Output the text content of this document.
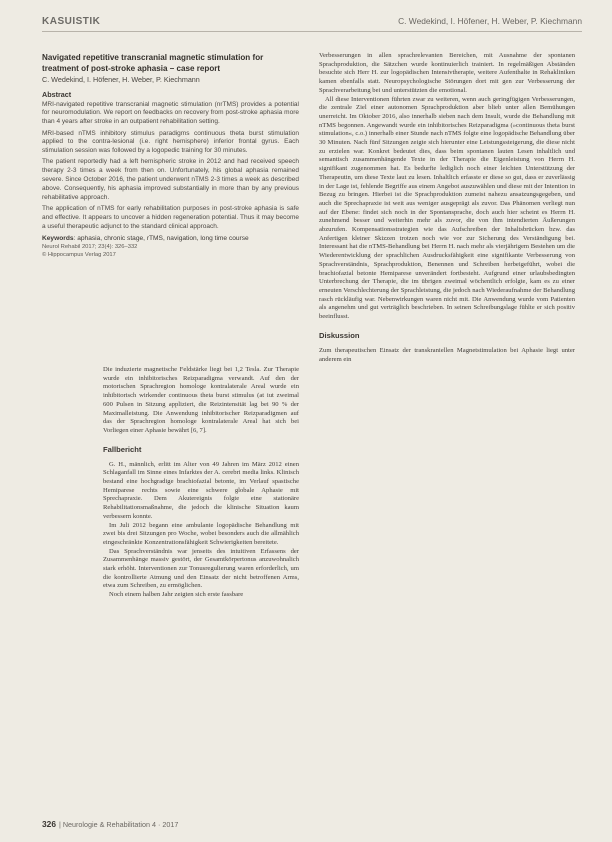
KASUISTIK	C. Wedekind, I. Höfener, H. Weber, P. Kiechmann

Navigated repetitive transcranial magnetic stimulation for treatment of post-stroke aphasia – case report

C. Wedekind, I. Höfener, H. Weber, P. Kiechmann

Abstract

MRI-navigated repetitive transcranial magnetic stimulation (nrTMS) provides a potential for neuromodulation. We report on feedbacks on recovery from post-stroke aphasia more than 4 years after stroke in an outpatient rehabilitation setting.

MRI-based nTMS inhibitory stimulus paradigms continuous theta burst stimulation applied to the contra-lesional (i.e. right hemisphere) inferior frontal gyrus. Each stimulation session was followed by a logopedic training for 30 minutes.

The patient reportedly had a left hemispheric stroke in 2012 and had received speech therapy 2-3 times a week from then on. Unfortunately, his global aphasia remained severe. Since October 2016, the patient underwent nTMS 2-3 times a week as described above. Consequently, his aphasia improved substantially in more than by any previous rehabilitative approach.

The application of nTMS for early rehabilitation purposes in post-stroke aphasia is safe and effective. It appears to uncover a hidden regeneration potential. Thus it may become a useful therapeutic adjunct to the standard clinical approach.

Keywords: aphasia, chronic stage, rTMS, navigation, long time course

Neurol Rehabil 2017; 23(4): 326–332

© Hippocampus Verlag 2017

Die induzierte magnetische Feldstärke liegt bei 1,2 Tesla. Zur Therapie wurde ein inhibitorisches Reizparadigma verwandt. Auf den der motorischen Sprachregion homologe kontralaterale Areal wurde ein inhibitorisch wirkender continuous theta burst stimulus (at iut zweimal 600 Pulsen in Sitzung appliziert, die Reizintensität lag bei 90 % der Maximalleistung. Die Anwendung inhibitorischer Reizparadigmen auf das der Sprachregion homologe kontralaterale Areal hat sich bei Vorliegen einer Aphasie bewährt [6, 7].

Fallbericht

G. H., männlich, erlitt im Alter von 49 Jahren im März 2012 einen Schlaganfall im Sinne eines Infarktes der A. cerebri media links. Klinisch bestand eine hochgradige brachiofazial betonte, im Verlauf spastische Hemiparese rechts sowie eine schwere globale Aphasie mit Sprechapraxie. Dem Akutereignis folgte eine stationäre Rehabilitationsmaßnahme, die jedoch die klinische Situation kaum verbessern konnte.

Im Juli 2012 begann eine ambulante logopädische Behandlung mit zwei bis drei Sitzungen pro Woche, wobei besonders auch die allmählich eingeschränkte Konzentrationsfähigkeit Schwierigkeiten bereitete.

Das Sprachverständnis war jenseits des intuitiven Erfassens der Zusammenhänge massiv gestört, der Gesamtkörpertonus anzuwohnalich stark erhöht. Interventionen zur Tonusregulierung waren erforderlich, um die kontrollierte Atmung und den Einsatz der nicht betroffenen Arms, etwa zum Schreiben, zu ermöglichen.

Noch einem halben Jahr zeigten sich erste fassbare

Verbesserungen in allen sprachrelevanten Bereichen, mit Ausnahme der spontanen Sprachproduktion, die Sätzchen wurde kontinuierlich trainiert. In regelmäßigen Abständen besuchte sich Herr H. zur logopädischen Intensivtherapie, weitere Aufenthalte in Rehakliniken kamen ebenfalls statt. Neuropsychologische Störungen dort mit gen zur Verbesserung der Sprachverarbeitung bei und unterstützten die emotional.

All diese Interventionen führten zwar zu weiteren, wenn auch geringfügigen Verbesserungen, die zentrale Ziel einer autonomen Sprachproduktion aber blieb unter allen Bemühungen unerreicht. Im Oktober 2016, also innerhalb sieben nach dem Insult, wurde die Behandlung mit nTMS begonnen. Angewandt wurde ein inhibitorisches Reizparadigma (»continuous theta burst stimulation«, c.o.) innerhalb einer Stunde nach nTMS folgte eine logopädische Behandlung über 30 Minuten. Nach fünf Sitzungen zeigte sich hierunter eine Leistungssteigerung, die diese nicht zu erzielen war. Konkret bedeutet dies, dass beim spontanen lauten Lesen inhaltlich und semantisch zusammenhängende Texte in der Therapie die Eigenleistung von Herrn H. signifikant zugenommen hat. Es bedurfte lediglich noch einer leichten Unterstützung der Therapeutin, um diese Texte laut zu lesen. Inhaltlich erfasste er diese so gut, dass er zuverlässig in der Lage ist, fehlende Begriffe aus einem Angebot auszuwählen und diese mit der Intention in Bezug zu bringen. Hierbei ist die Sprachproduktion zumeist nahezu ansatzungsgegeben, und auch die Sprechapraxie ist weit aus weniger ausgeprägt als zuvor. Das Phänomen verliegt nun auf der Ebene: findet sich noch in der Spontansprache, doch auch hier scheint es Herrn H. zunehmend besser und weiterhin mehr als zuvor, die von ihm intendierten Äußerungen abzurufen. Kompensationsstrategien wie das Aufschreiben der Inhaltsbrücken bzw. das Anfertigen kleiner Skizzen trotzen noch wie vor zur Sicherung des Verständigung bei. Interessant hat die nTMS-Behandlung bei Herrn H. nach mehr als vierjährigem Bestehen um die Wiederentwicklung der sprachlichen Ausdrucksfähigkeit eine signifikante Verbesserung von Sprachverständnis, Sprachproduktion, Benennen und Schreiben herbeigeführt, wobei die brachiofazial betonte Hemiparese unverändert fortbesteht. Aufgrund einer urlaubsbedingten Unterbrechung der Therapie, die im übrigen zweimal wöchentlich erfolgte, kam es zu einer erneuten Verschlechterung der Sprachleistung, die jedoch nach Wiederaufnahme der Behandlung rasch rückläufig war. Nebenwirkungen waren nicht mit. Die Anwendung wurde vom Patienten als angenehm und gut verträglich beschrieben. In seinen Schreibungslage fühlte er sich positiv beeinflusst.

Diskussion

Zum therapeutischen Einsatz der transkraniellen Magnetstimulation bei Aphasie liegt unter anderem ein

326 | Neurologie & Rehabilitation 4 · 2017
